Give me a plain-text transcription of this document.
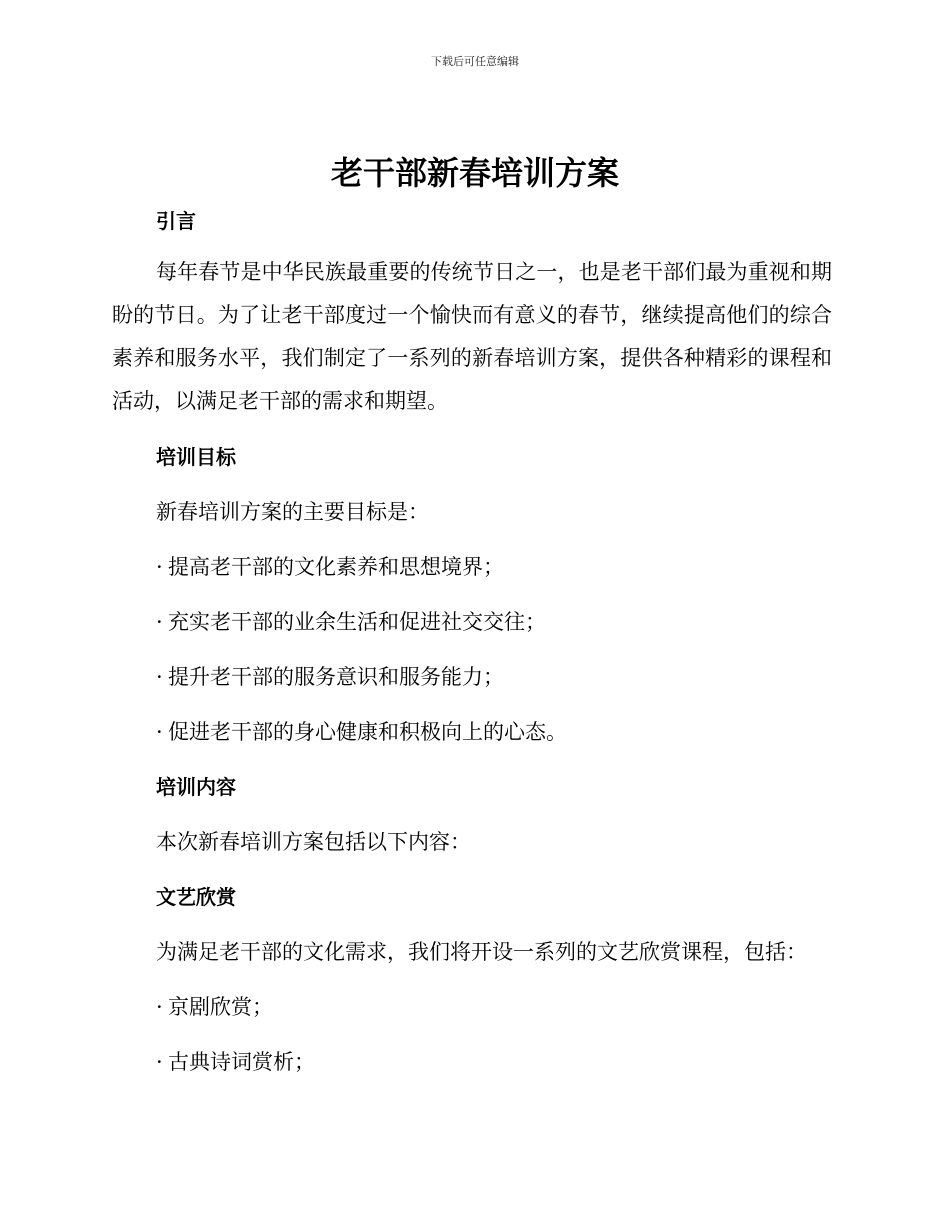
下载后可任意编辑
老干部新春培训方案
引言

每年春节是中华民族最重要的传统节日之一，也是老干部们最为重视和期盼的节日。为了让老干部度过一个愉快而有意义的春节，继续提高他们的综合素养和服务水平，我们制定了一系列的新春培训方案，提供各种精彩的课程和活动，以满足老干部的需求和期望。

培训目标

新春培训方案的主要目标是：

· 提高老干部的文化素养和思想境界；

· 充实老干部的业余生活和促进社交交往；

· 提升老干部的服务意识和服务能力；

· 促进老干部的身心健康和积极向上的心态。

培训内容

本次新春培训方案包括以下内容：

文艺欣赏

为满足老干部的文化需求，我们将开设一系列的文艺欣赏课程，包括：

· 京剧欣赏；

· 古典诗词赏析；
